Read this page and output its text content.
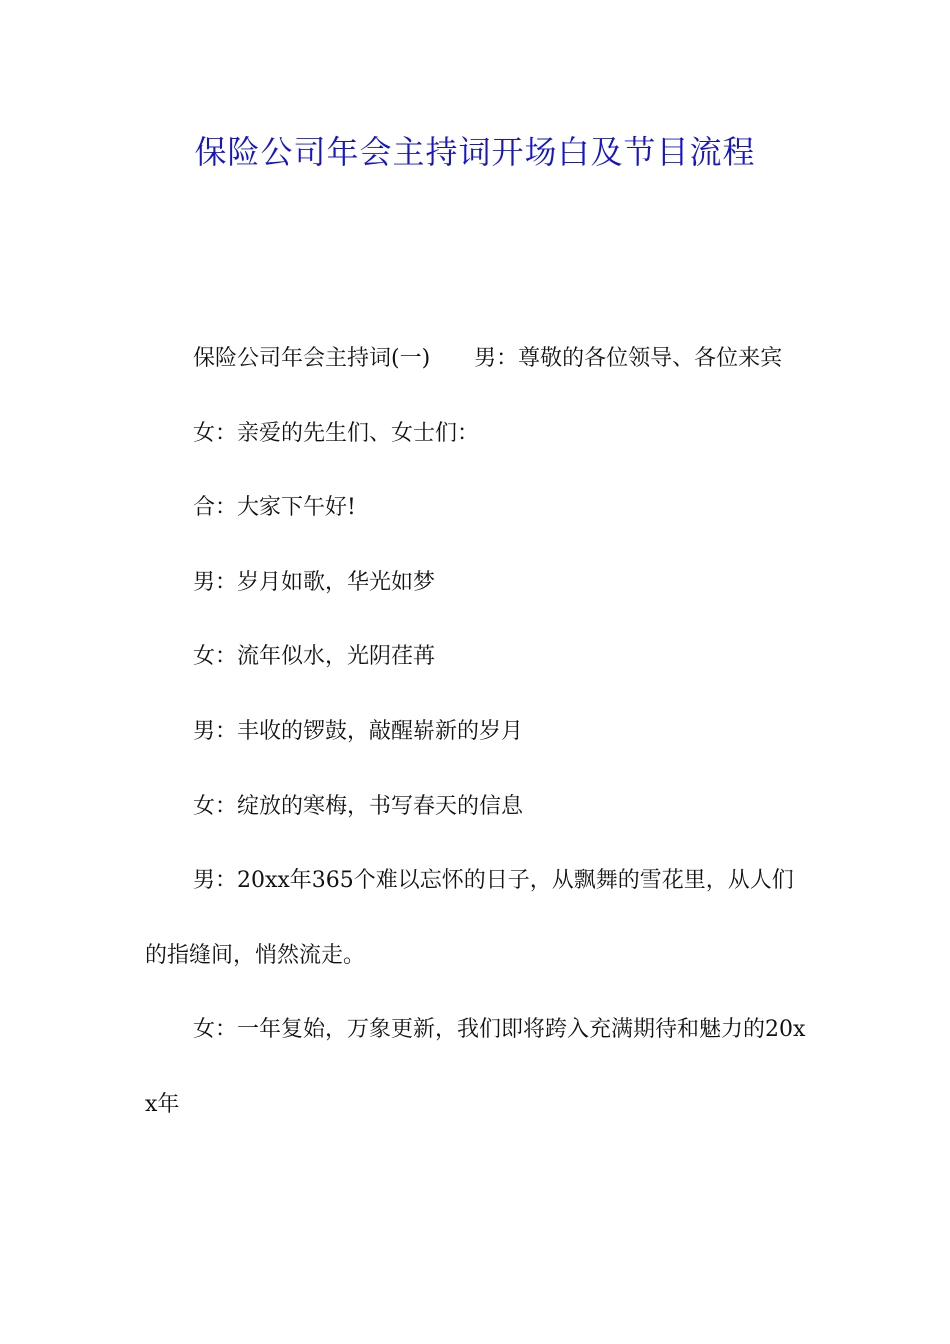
保险公司年会主持词开场白及节目流程

保险公司年会主持词(一) 男：尊敬的各位领导、各位来宾

女：亲爱的先生们、女士们：

合：大家下午好!

男：岁月如歌，华光如梦

女：流年似水，光阴荏苒

男：丰收的锣鼓，敲醒崭新的岁月

女：绽放的寒梅，书写春天的信息

男：20xx年365个难以忘怀的日子，从飘舞的雪花里，从人们的指缝间，悄然流走。

女：一年复始，万象更新，我们即将跨入充满期待和魅力的20xx年
